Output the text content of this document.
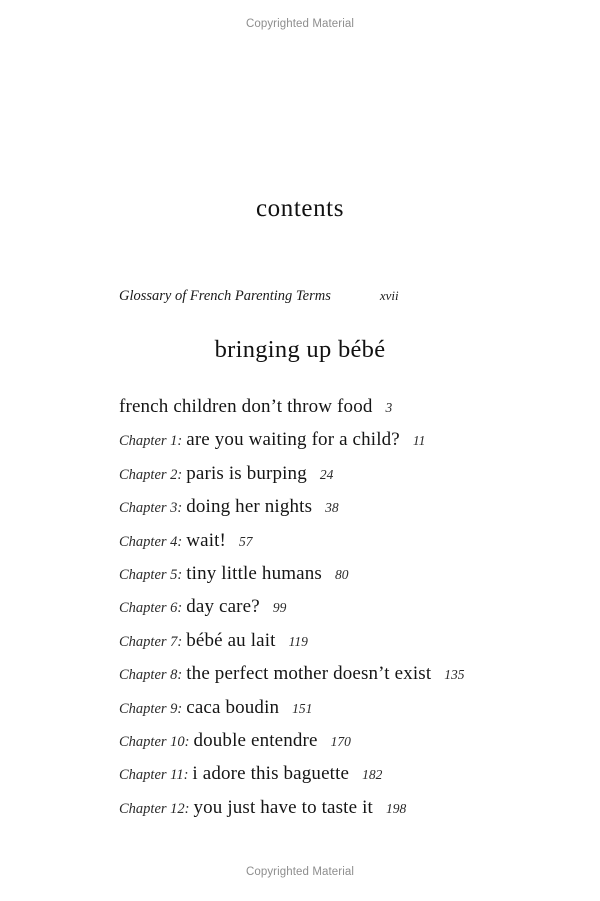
Copyrighted Material
contents
Glossary of French Parenting Terms	xvii
bringing up bébé
french children don’t throw food 3
Chapter 1: are you waiting for a child? 11
Chapter 2: paris is burping 24
Chapter 3: doing her nights 38
Chapter 4: wait! 57
Chapter 5: tiny little humans 80
Chapter 6: day care? 99
Chapter 7: bébé au lait 119
Chapter 8: the perfect mother doesn’t exist 135
Chapter 9: caca boudin 151
Chapter 10: double entendre 170
Chapter 11: i adore this baguette 182
Chapter 12: you just have to taste it 198
Copyrighted Material
